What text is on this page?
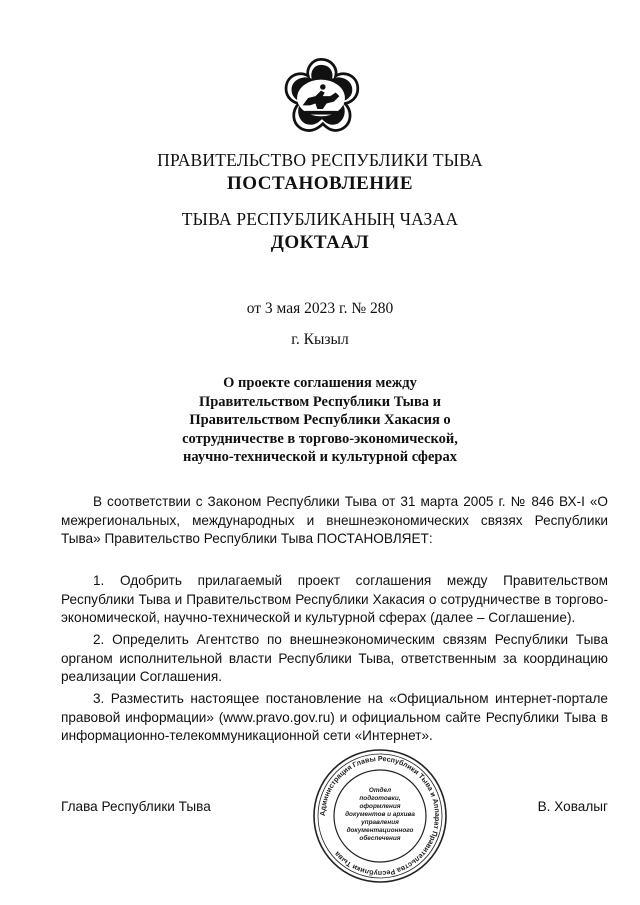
ПРАВИТЕЛЬСТВО РЕСПУБЛИКИ ТЫВА
ПОСТАНОВЛЕНИЕ
ТЫВА РЕСПУБЛИКАНЫҢ ЧАЗАА
ДОКТААЛ
от 3 мая 2023 г. № 280
г. Кызыл
О проекте соглашения между
Правительством Республики Тыва и
Правительством Республики Хакасия о
сотрудничестве в торгово-экономической,
научно-технической и культурной сферах

В соответствии с Законом Республики Тыва от 31 марта 2005 г. № 846 ВХ-I «О межрегиональных, международных и внешнеэкономических связях Республики Тыва» Правительство Республики Тыва ПОСТАНОВЛЯЕТ:

1. Одобрить прилагаемый проект соглашения между Правительством Республики Тыва и Правительством Республики Хакасия о сотрудничестве в торгово-экономической, научно-технической и культурной сферах (далее – Соглашение).

2. Определить Агентство по внешнеэкономическим связям Республики Тыва органом исполнительной власти Республики Тыва, ответственным за координацию реализации Соглашения.

3. Разместить настоящее постановление на «Официальном интернет-портале правовой информации» (www.pravo.gov.ru) и официальном сайте Республики Тыва в информационно-телекоммуникационной сети «Интернет».

Администрация Главы Республики Тыва и Аппарат Правительства Республики Тыва
Отдел
подготовки,
оформления
документов и архива
управления
документационного
обеспечения
Глава Республики Тыва	В. Ховалыг
